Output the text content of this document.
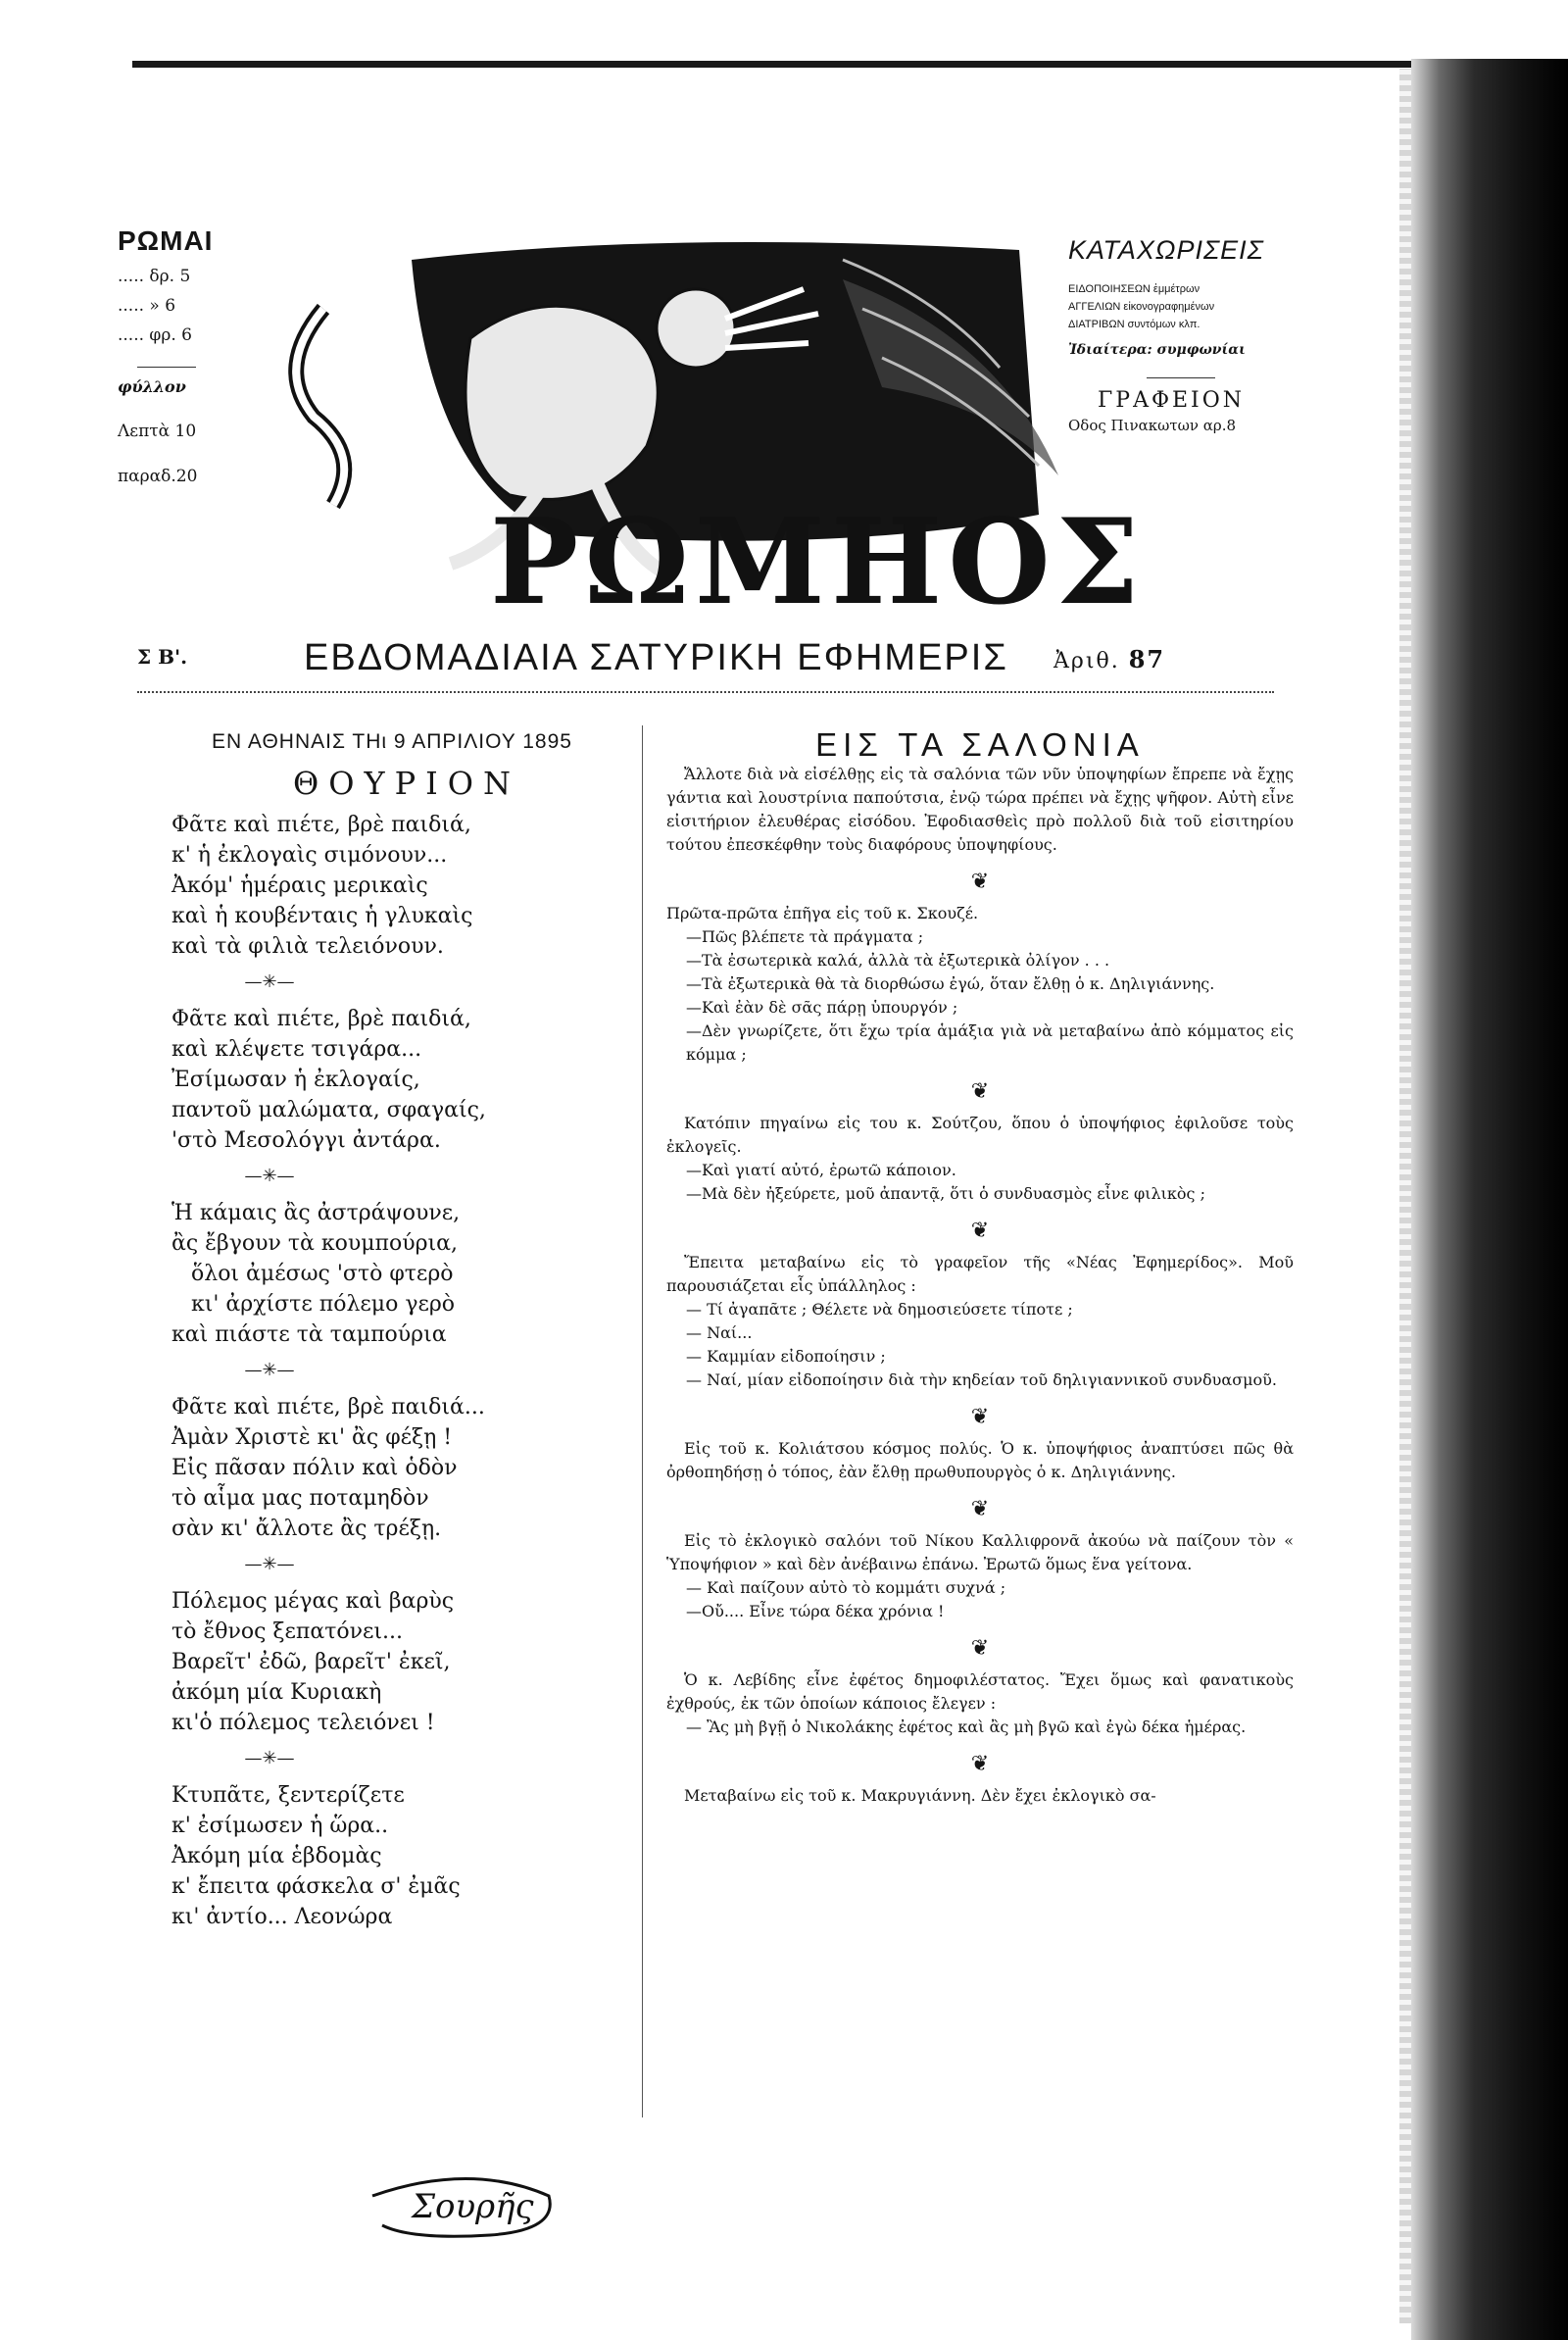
ΡΩΜΑΙ
..... δρ. 5
..... » 6
..... φρ. 6
φύλλον
Λεπτὰ 10
παραδ.20
ΡΩΜΗΟΣ
ΚΑΤΑΧΩΡΙΣΕΙΣ
ΕΙΔΟΠΟΙΗΣΕΩΝ ἐμμέτρων
ΑΓΓΕΛΙΩΝ εἰκονογραφημένων
ΔΙΑΤΡΙΒΩΝ συντόμων κλπ.
Ἰδιαίτερα: συμφωνίαι
ΓΡΑΦΕΙΟΝ
Οδος Πινακωτων αρ.8
Σ Β'.	ΕΒΔΟΜΑΔΙΑΙΑ ΣΑΤΥΡΙΚΗ ΕΦΗΜΕΡΙΣ Ἀριθ. 87
ΕΝ ΑΘΗΝΑΙΣ ΤΗι 9 ΑΠΡΙΛΙΟΥ 1895
ΘΟΥΡΙΟΝ
Φᾶτε καὶ πιέτε, βρὲ παιδιά,
κ' ἡ ἐκλογαὶς σιμόνουν...
Ἀκόμ' ἡμέραις μερικαὶς
καὶ ἡ κουβένταις ἡ γλυκαὶς
καὶ τὰ φιλιὰ τελειόνουν.
—✳—
Φᾶτε καὶ πιέτε, βρὲ παιδιά,
καὶ κλέψετε τσιγάρα...
Ἐσίμωσαν ἡ ἐκλογαίς,
παντοῦ μαλώματα, σφαγαίς,
'στὸ Μεσολόγγι ἀντάρα.
—✳—
Ἡ κάμαις ἂς ἀστράψουνε,
ἂς ἔβγουν τὰ κουμπούρια,
ὅλοι ἀμέσως 'στὸ φτερὸ
κι' ἀρχίστε πόλεμο γερὸ
καὶ πιάστε τὰ ταμπούρια
—✳—
Φᾶτε καὶ πιέτε, βρὲ παιδιά...
Ἀμὰν Χριστὲ κι' ἂς φέξῃ !
Εἰς πᾶσαν πόλιν καὶ ὁδὸν
τὸ αἷμα μας ποταμηδὸν
σὰν κι' ἄλλοτε ἂς τρέξῃ.
—✳—
Πόλεμος μέγας καὶ βαρὺς
τὸ ἔθνος ξεπατόνει...
Βαρεῖτ' ἐδῶ, βαρεῖτ' ἐκεῖ,
ἀκόμη μία Κυριακὴ
κι'ὁ πόλεμος τελειόνει !
—✳—
Κτυπᾶτε, ξεντερίζετε
κ' ἐσίμωσεν ἡ ὥρα..
Ἀκόμη μία ἑβδομὰς
κ' ἔπειτα φάσκελα σ' ἐμᾶς
κι' ἀντίο... Λεονώρα
Σουρῆς
ΕΙΣ ΤΑ ΣΑΛΟΝΙΑ

Ἄλλοτε διὰ νὰ εἰσέλθῃς εἰς τὰ σαλόνια τῶν νῦν ὑποψηφίων ἔπρεπε νὰ ἔχῃς γάντια καὶ λουστρίνια παπούτσια, ἐνῷ τώρα πρέπει νὰ ἔχῃς ψῆφον. Αὐτὴ εἶνε εἰσιτήριον ἐλευθέρας εἰσόδου. Ἐφοδιασθεὶς πρὸ πολλοῦ διὰ τοῦ εἰσιτηρίου τούτου ἐπεσκέφθην τοὺς διαφόρους ὑποψηφίους.

❦

Πρῶτα-πρῶτα ἐπῆγα εἰς τοῦ κ. Σκουζέ.

—Πῶς βλέπετε τὰ πράγματα ;

—Τὰ ἐσωτερικὰ καλά, ἀλλὰ τὰ ἐξωτερικὰ ὀλίγον . . .

—Τὰ ἐξωτερικὰ θὰ τὰ διορθώσω ἐγώ, ὅταν ἔλθῃ ὁ κ. Δηλιγιάννης.

—Καὶ ἐὰν δὲ σᾶς πάρῃ ὑπουργόν ;

—Δὲν γνωρίζετε, ὅτι ἔχω τρία ἁμάξια γιὰ νὰ μεταβαίνω ἀπὸ κόμματος εἰς κόμμα ;

❦

Κατόπιν πηγαίνω εἰς του κ. Σούτζου, ὅπου ὁ ὑποψήφιος ἐφιλοῦσε τοὺς ἐκλογεῖς.

—Καὶ γιατί αὐτό, ἐρωτῶ κάποιον.

—Μὰ δὲν ἠξεύρετε, μοῦ ἀπαντᾷ, ὅτι ὁ συνδυασμὸς εἶνε φιλικὸς ;

❦

Ἔπειτα μεταβαίνω εἰς τὸ γραφεῖον τῆς «Νέας Ἐφημερίδος». Μοῦ παρουσιάζεται εἷς ὑπάλληλος :

— Τί ἀγαπᾶτε ; Θέλετε νὰ δημοσιεύσετε τίποτε ;

— Ναί...

— Καμμίαν εἰδοποίησιν ;

— Ναί, μίαν εἰδοποίησιν διὰ τὴν κηδείαν τοῦ δηλιγιαννικοῦ συνδυασμοῦ.

❦

Εἰς τοῦ κ. Κολιάτσου κόσμος πολύς. Ὁ κ. ὑποψήφιος ἀναπτύσει πῶς θὰ ὀρθοπηδήσῃ ὁ τόπος, ἐὰν ἔλθῃ πρωθυπουργὸς ὁ κ. Δηλιγιάννης.

❦

Εἰς τὸ ἐκλογικὸ σαλόνι τοῦ Νίκου Καλλιφρονᾶ ἀκούω νὰ παίζουν τὸν « Ὑποψήφιον » καὶ δὲν ἀνέβαινω ἐπάνω. Ἐρωτῶ ὅμως ἕνα γείτονα.

— Καὶ παίζουν αὐτὸ τὸ κομμάτι συχνά ;

—Οὔ.... Εἶνε τώρα δέκα χρόνια !

❦

Ὁ κ. Λεβίδης εἶνε ἐφέτος δημοφιλέστατος. Ἔχει ὅμως καὶ φανατικοὺς ἐχθρούς, ἐκ τῶν ὁποίων κάποιος ἔλεγεν :

— Ἂς μὴ βγῇ ὁ Νικολάκης ἐφέτος καὶ ἂς μὴ βγῶ καὶ ἐγὼ δέκα ἡμέρας.

❦

Μεταβαίνω εἰς τοῦ κ. Μακρυγιάννη. Δὲν ἔχει ἐκλογικὸ σα-
